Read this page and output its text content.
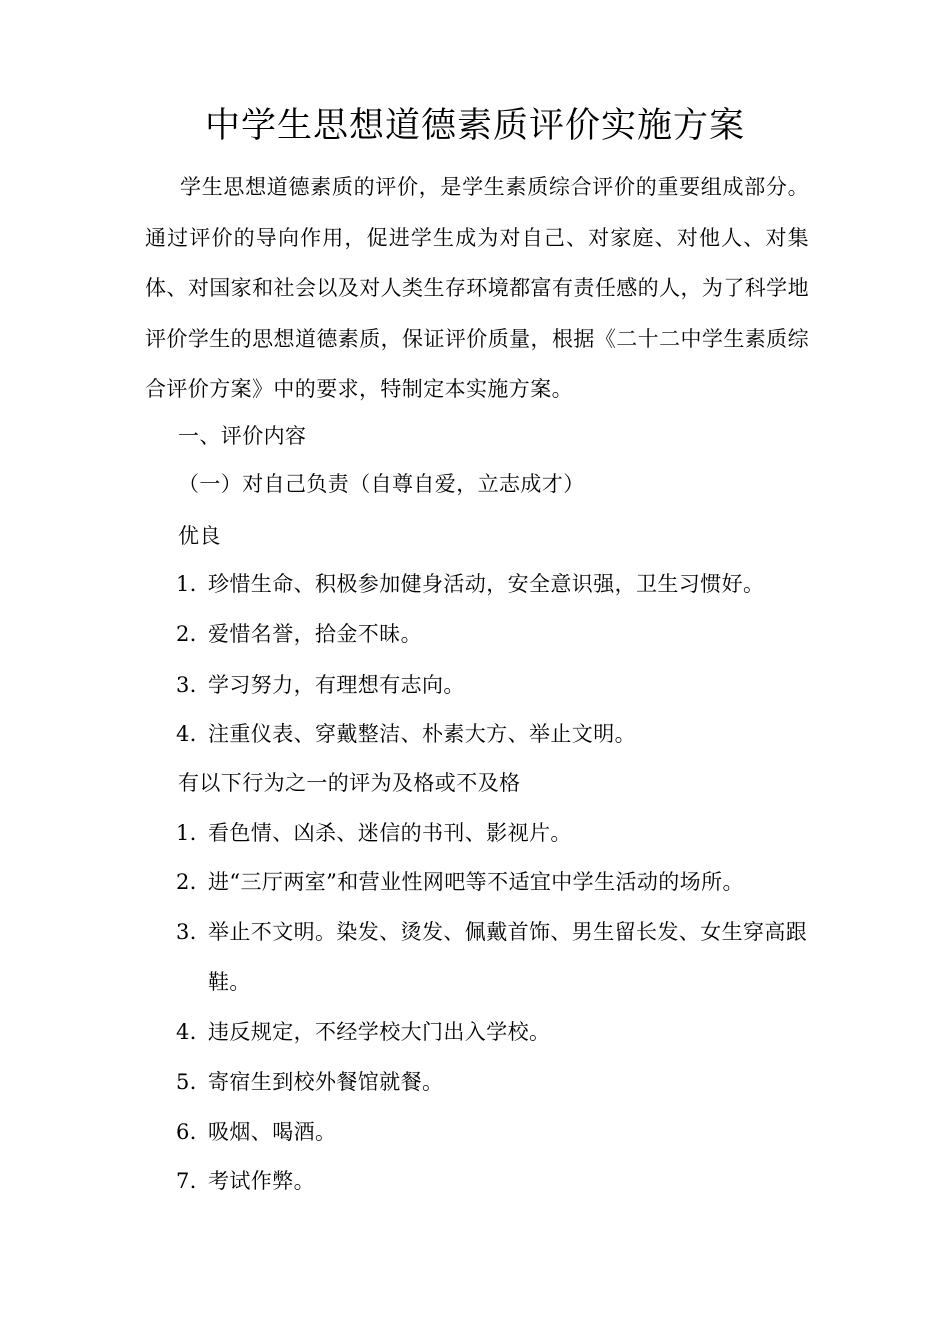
中学生思想道德素质评价实施方案

学生思想道德素质的评价，是学生素质综合评价的重要组成部分。通过评价的导向作用，促进学生成为对自己、对家庭、对他人、对集体、对国家和社会以及对人类生存环境都富有责任感的人，为了科学地评价学生的思想道德素质，保证评价质量，根据《二十二中学生素质综合评价方案》中的要求，特制定本实施方案。

一、评价内容

（一）对自己负责（自尊自爱，立志成才）

优良

1．珍惜生命、积极参加健身活动，安全意识强，卫生习惯好。

2．爱惜名誉，拾金不昧。

3．学习努力，有理想有志向。

4．注重仪表、穿戴整洁、朴素大方、举止文明。

有以下行为之一的评为及格或不及格

1．看色情、凶杀、迷信的书刊、影视片。

2．进“三厅两室”和营业性网吧等不适宜中学生活动的场所。

3．举止不文明。染发、烫发、佩戴首饰、男生留长发、女生穿高跟鞋。

4．违反规定，不经学校大门出入学校。

5．寄宿生到校外餐馆就餐。

6．吸烟、喝酒。

7．考试作弊。
